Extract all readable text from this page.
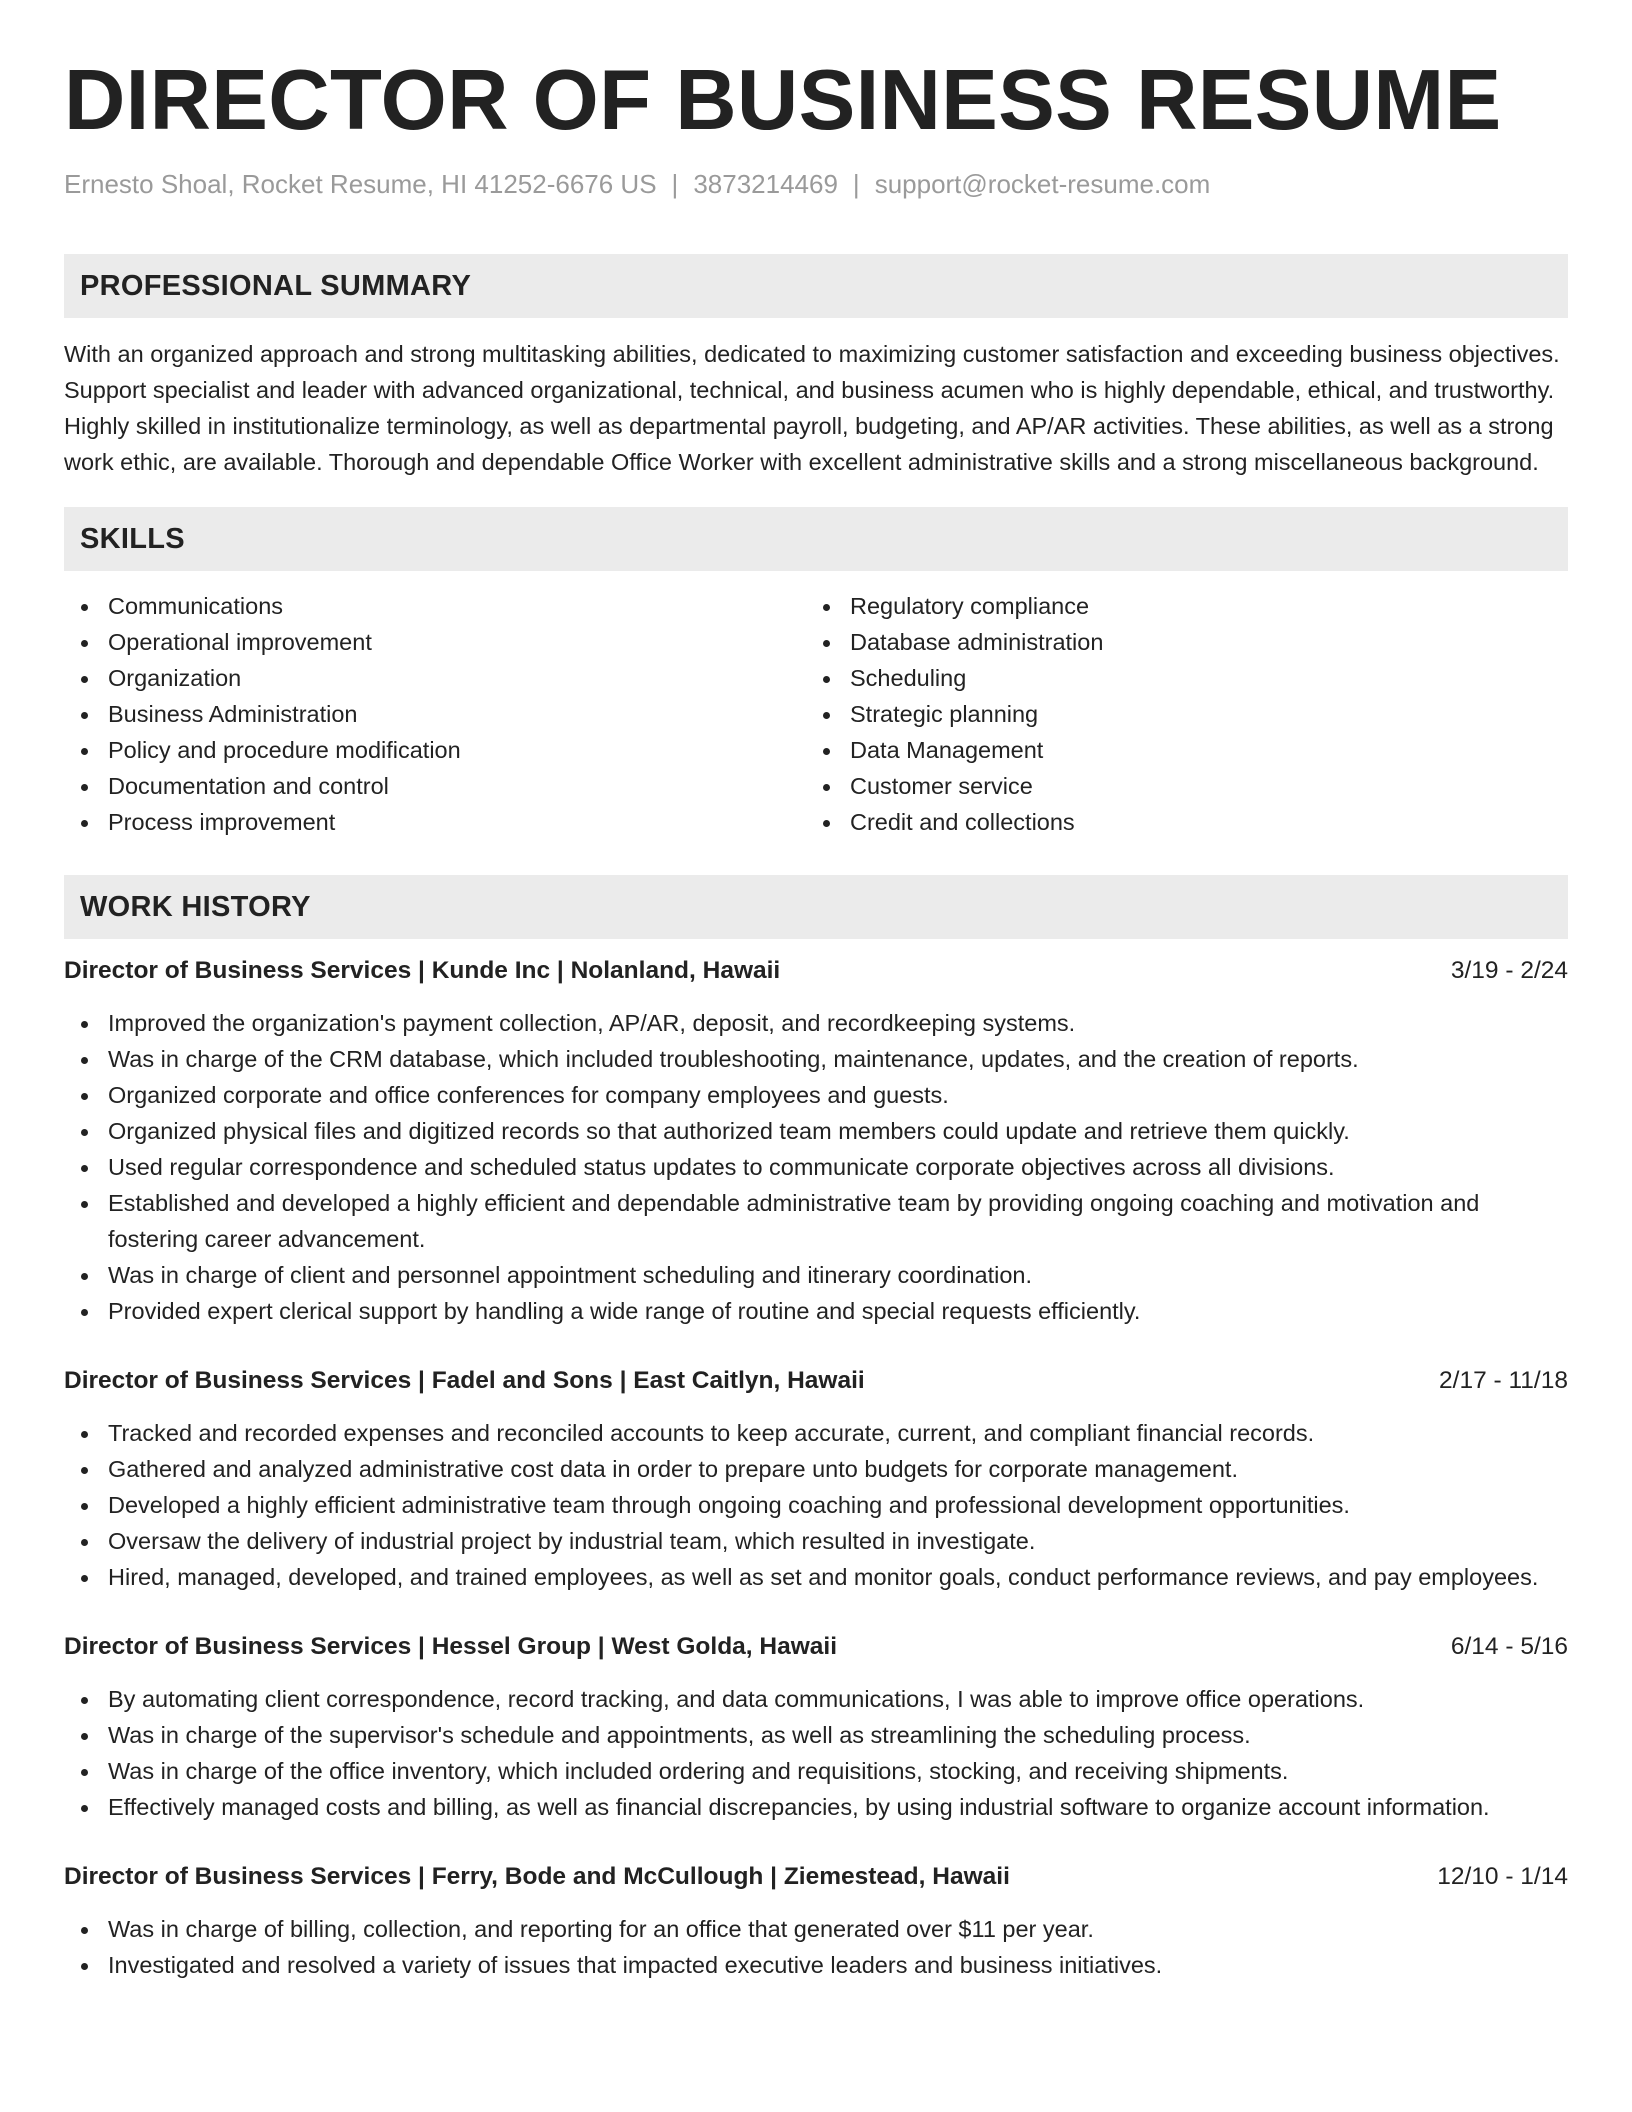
DIRECTOR OF BUSINESS RESUME
Ernesto Shoal, Rocket Resume, HI 41252-6676 US | 3873214469 | support@rocket-resume.com
PROFESSIONAL SUMMARY

With an organized approach and strong multitasking abilities, dedicated to maximizing customer satisfaction and exceeding business objectives. Support specialist and leader with advanced organizational, technical, and business acumen who is highly dependable, ethical, and trustworthy. Highly skilled in institutionalize terminology, as well as departmental payroll, budgeting, and AP/AR activities. These abilities, as well as a strong work ethic, are available. Thorough and dependable Office Worker with excellent administrative skills and a strong miscellaneous background.

SKILLS
Communications
Operational improvement
Organization
Business Administration
Policy and procedure modification
Documentation and control
Process improvement
Regulatory compliance
Database administration
Scheduling
Strategic planning
Data Management
Customer service
Credit and collections
WORK HISTORY
Director of Business Services | Kunde Inc | Nolanland, Hawaii	3/19 - 2/24
Improved the organization's payment collection, AP/AR, deposit, and recordkeeping systems.
Was in charge of the CRM database, which included troubleshooting, maintenance, updates, and the creation of reports.
Organized corporate and office conferences for company employees and guests.
Organized physical files and digitized records so that authorized team members could update and retrieve them quickly.
Used regular correspondence and scheduled status updates to communicate corporate objectives across all divisions.
Established and developed a highly efficient and dependable administrative team by providing ongoing coaching and motivation and fostering career advancement.
Was in charge of client and personnel appointment scheduling and itinerary coordination.
Provided expert clerical support by handling a wide range of routine and special requests efficiently.
Director of Business Services | Fadel and Sons | East Caitlyn, Hawaii	2/17 - 11/18
Tracked and recorded expenses and reconciled accounts to keep accurate, current, and compliant financial records.
Gathered and analyzed administrative cost data in order to prepare unto budgets for corporate management.
Developed a highly efficient administrative team through ongoing coaching and professional development opportunities.
Oversaw the delivery of industrial project by industrial team, which resulted in investigate.
Hired, managed, developed, and trained employees, as well as set and monitor goals, conduct performance reviews, and pay employees.
Director of Business Services | Hessel Group | West Golda, Hawaii	6/14 - 5/16
By automating client correspondence, record tracking, and data communications, I was able to improve office operations.
Was in charge of the supervisor's schedule and appointments, as well as streamlining the scheduling process.
Was in charge of the office inventory, which included ordering and requisitions, stocking, and receiving shipments.
Effectively managed costs and billing, as well as financial discrepancies, by using industrial software to organize account information.
Director of Business Services | Ferry, Bode and McCullough | Ziemestead, Hawaii	12/10 - 1/14
Was in charge of billing, collection, and reporting for an office that generated over $11 per year.
Investigated and resolved a variety of issues that impacted executive leaders and business initiatives.
